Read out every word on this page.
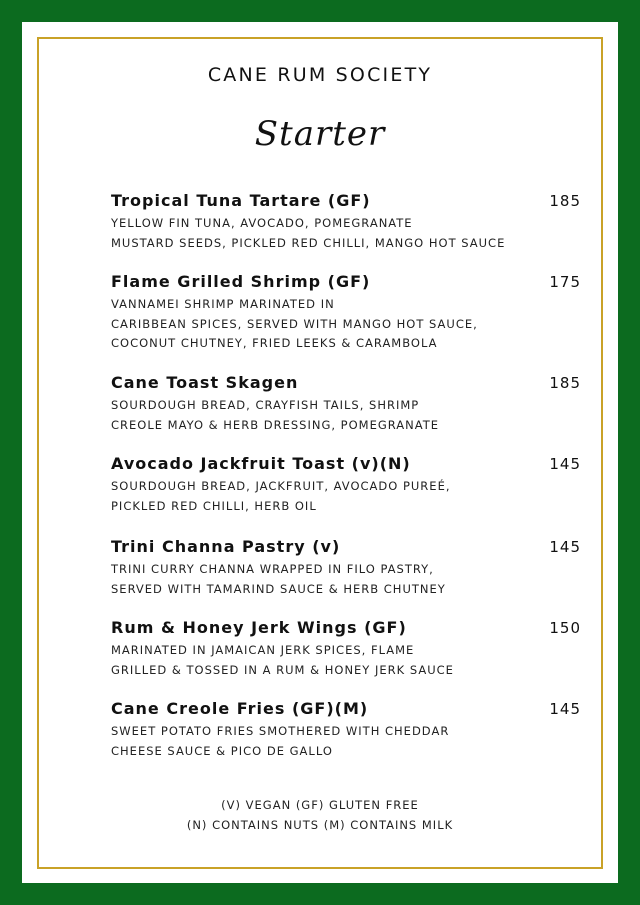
CANE RUM SOCIETY
Starter
Tropical Tuna Tartare (GF)	185
YELLOW FIN TUNA, AVOCADO, POMEGRANATE
MUSTARD SEEDS, PICKLED RED CHILLI, MANGO HOT SAUCE
Flame Grilled Shrimp (GF)	175
VANNAMEI SHRIMP MARINATED IN
CARIBBEAN SPICES, SERVED WITH MANGO HOT SAUCE,
COCONUT CHUTNEY, FRIED LEEKS & CARAMBOLA
Cane Toast Skagen	185
SOURDOUGH BREAD, CRAYFISH TAILS, SHRIMP
CREOLE MAYO & HERB DRESSING, POMEGRANATE
Avocado Jackfruit Toast (v)(N)	145
SOURDOUGH BREAD, JACKFRUIT, AVOCADO PUREÉ,
PICKLED RED CHILLI, HERB OIL
Trini Channa Pastry (v)	145
TRINI CURRY CHANNA WRAPPED IN FILO PASTRY,
SERVED WITH TAMARIND SAUCE & HERB CHUTNEY
Rum & Honey Jerk Wings (GF)	150
MARINATED IN JAMAICAN JERK SPICES, FLAME
GRILLED & TOSSED IN A RUM & HONEY JERK SAUCE
Cane Creole Fries (GF)(M)	145
SWEET POTATO FRIES SMOTHERED WITH CHEDDAR
CHEESE SAUCE & PICO DE GALLO
(V) VEGAN (GF) GLUTEN FREE
(N) CONTAINS NUTS (M) CONTAINS MILK
